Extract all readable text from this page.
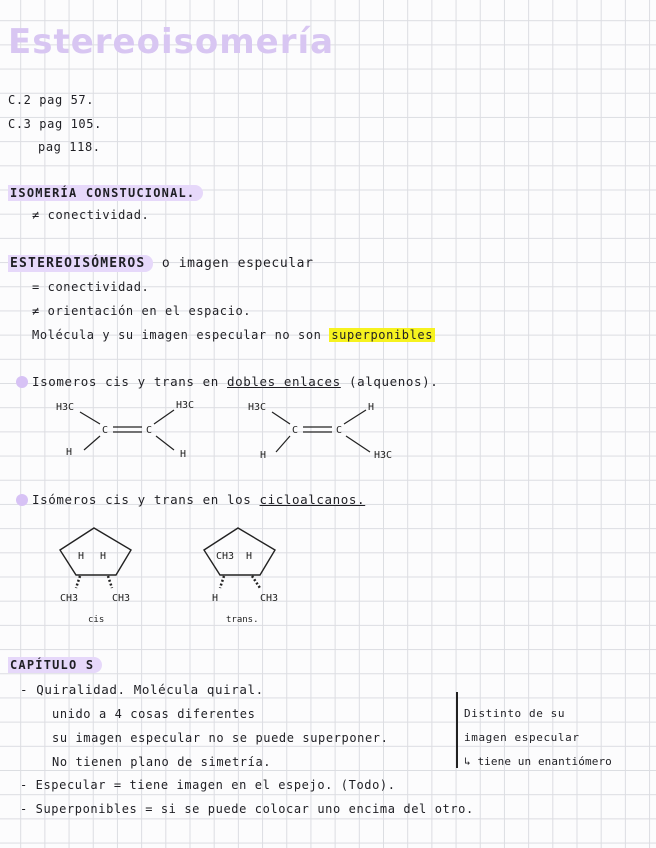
Estereoisomería
C.2 pag 57.
C.3 pag 105.
pag 118.
ISOMERÍA CONSTUCIONAL.
≠ conectividad.
ESTEREOISÓMEROS o imagen especular
= conectividad.
≠ orientación en el espacio.
Molécula y su imagen especular no son superponibles
Isomeros cis y trans en dobles enlaces (alquenos).
H3C	H3C
H	H
C	C
H3C	H
H	H3C
C	C
Isómeros cis y trans en los cicloalcanos.
H H
CH3	CH3
cis
CH3 H
H	CH3
trans.
CAPÍTULO S
- Quiralidad. Molécula quiral.
unido a 4 cosas diferentes
su imagen especular no se puede superponer.
No tienen plano de simetría.
Distinto de su
imagen especular
↳ tiene un enantiómero
- Especular = tiene imagen en el espejo. (Todo).
- Superponibles = si se puede colocar uno encima del otro.
